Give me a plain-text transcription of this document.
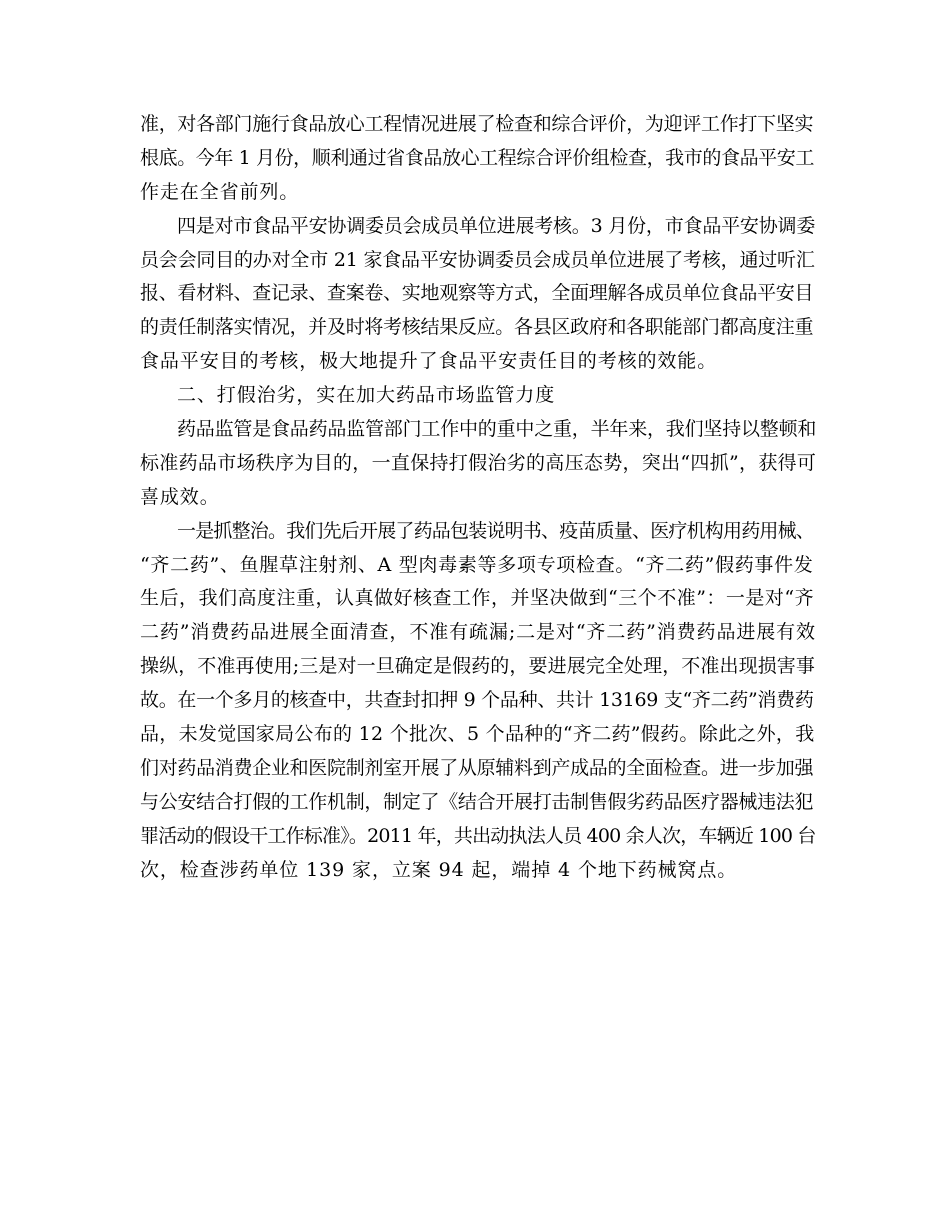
准，对各部门施行食品放心工程情况进展了检查和综合评价，为迎评工作打下坚实
根底。今年 1 月份，顺利通过省食品放心工程综合评价组检查，我市的食品平安工
作走在全省前列。
四是对市食品平安协调委员会成员单位进展考核。3 月份，市食品平安协调委
员会会同目的办对全市 21 家食品平安协调委员会成员单位进展了考核，通过听汇
报、看材料、查记录、查案卷、实地观察等方式，全面理解各成员单位食品平安目
的责任制落实情况，并及时将考核结果反应。各县区政府和各职能部门都高度注重
食品平安目的考核，极大地提升了食品平安责任目的考核的效能。
二、打假治劣，实在加大药品市场监管力度
药品监管是食品药品监管部门工作中的重中之重，半年来，我们坚持以整顿和
标准药品市场秩序为目的，一直保持打假治劣的高压态势，突出“四抓”，获得可
喜成效。
一是抓整治。我们先后开展了药品包装说明书、疫苗质量、医疗机构用药用械、
“齐二药”、鱼腥草注射剂、A 型肉毒素等多项专项检查。“齐二药”假药事件发
生后，我们高度注重，认真做好核查工作，并坚决做到“三个不准”：一是对“齐
二药”消费药品进展全面清查，不准有疏漏;二是对“齐二药”消费药品进展有效
操纵，不准再使用;三是对一旦确定是假药的，要进展完全处理，不准出现损害事
故。在一个多月的核查中，共查封扣押 9 个品种、共计 13169 支“齐二药”消费药
品，未发觉国家局公布的 12 个批次、5 个品种的“齐二药”假药。除此之外，我
们对药品消费企业和医院制剂室开展了从原辅料到产成品的全面检查。进一步加强
与公安结合打假的工作机制，制定了《结合开展打击制售假劣药品医疗器械违法犯
罪活动的假设干工作标准》。2011 年，共出动执法人员 400 余人次，车辆近 100 台
次，检查涉药单位 139 家，立案 94 起，端掉 4 个地下药械窝点。
